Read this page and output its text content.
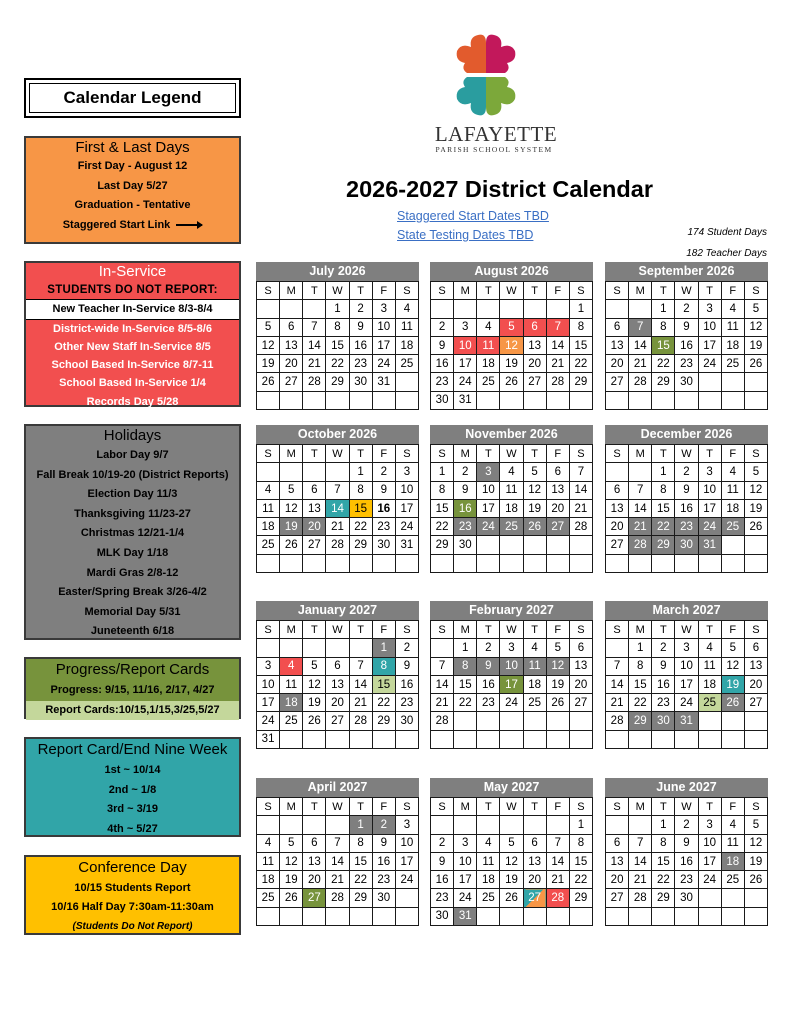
Calendar Legend
First & Last Days
First Day - August 12
Last Day 5/27
Graduation - Tentative
Staggered Start Link
In-Service
STUDENTS DO NOT REPORT:
New Teacher In-Service 8/3-8/4
District-wide In-Service 8/5-8/6
Other New Staff In-Service 8/5
School Based In-Service 8/7-11
School Based In-Service 1/4
Records Day 5/28
Holidays
Labor Day 9/7
Fall Break 10/19-20 (District Reports)
Election Day 11/3
Thanksgiving 11/23-27
Christmas 12/21-1/4
MLK Day 1/18
Mardi Gras 2/8-12
Easter/Spring Break 3/26-4/2
Memorial Day 5/31
Juneteenth 6/18
Progress/Report Cards
Progress: 9/15, 11/16, 2/17, 4/27
Report Cards:10/15,1/15,3/25,5/27
Report Card/End Nine Week
1st ~ 10/14
2nd ~ 1/8
3rd ~ 3/19
4th ~ 5/27
Conference Day
10/15 Students Report
10/16 Half Day 7:30am-11:30am
(Students Do Not Report)
LAFAYETTE
PARISH SCHOOL SYSTEM
2026-2027 District Calendar
Staggered Start Dates TBD
State Testing Dates TBD	174 Student Days
182 Teacher Days
July 2026
S	M	T	W	T	F	S
			1	2	3	4
5	6	7	8	9	10	11
12	13	14	15	16	17	18
19	20	21	22	23	24	25
26	27	28	29	30	31	

August 2026
S	M	T	W	T	F	S
						1
2	3	4	5	6	7	8
9	10	11	12	13	14	15
16	17	18	19	20	21	22
23	24	25	26	27	28	29
30	31					
September 2026
S	M	T	W	T	F	S
		1	2	3	4	5
6	7	8	9	10	11	12
13	14	15	16	17	18	19
20	21	22	23	24	25	26
27	28	29	30			

October 2026
S	M	T	W	T	F	S
				1	2	3
4	5	6	7	8	9	10
11	12	13	14	15	16	17
18	19	20	21	22	23	24
25	26	27	28	29	30	31

November 2026
S	M	T	W	T	F	S
1	2	3	4	5	6	7
8	9	10	11	12	13	14
15	16	17	18	19	20	21
22	23	24	25	26	27	28
29	30					

December 2026
S	M	T	W	T	F	S
		1	2	3	4	5
6	7	8	9	10	11	12
13	14	15	16	17	18	19
20	21	22	23	24	25	26
27	28	29	30	31		

January 2027
S	M	T	W	T	F	S
					1	2
3	4	5	6	7	8	9
10	11	12	13	14	15	16
17	18	19	20	21	22	23
24	25	26	27	28	29	30
31						
February 2027
S	M	T	W	T	F	S
	1	2	3	4	5	6
7	8	9	10	11	12	13
14	15	16	17	18	19	20
21	22	23	24	25	26	27
28						

March 2027
S	M	T	W	T	F	S
	1	2	3	4	5	6
7	8	9	10	11	12	13
14	15	16	17	18	19	20
21	22	23	24	25	26	27
28	29	30	31			

April 2027
S	M	T	W	T	F	S
				1	2	3
4	5	6	7	8	9	10
11	12	13	14	15	16	17
18	19	20	21	22	23	24
25	26	27	28	29	30	

May 2027
S	M	T	W	T	F	S
						1
2	3	4	5	6	7	8
9	10	11	12	13	14	15
16	17	18	19	20	21	22
23	24	25	26	27	28	29
30	31					
June 2027
S	M	T	W	T	F	S
		1	2	3	4	5
6	7	8	9	10	11	12
13	14	15	16	17	18	19
20	21	22	23	24	25	26
27	28	29	30			
